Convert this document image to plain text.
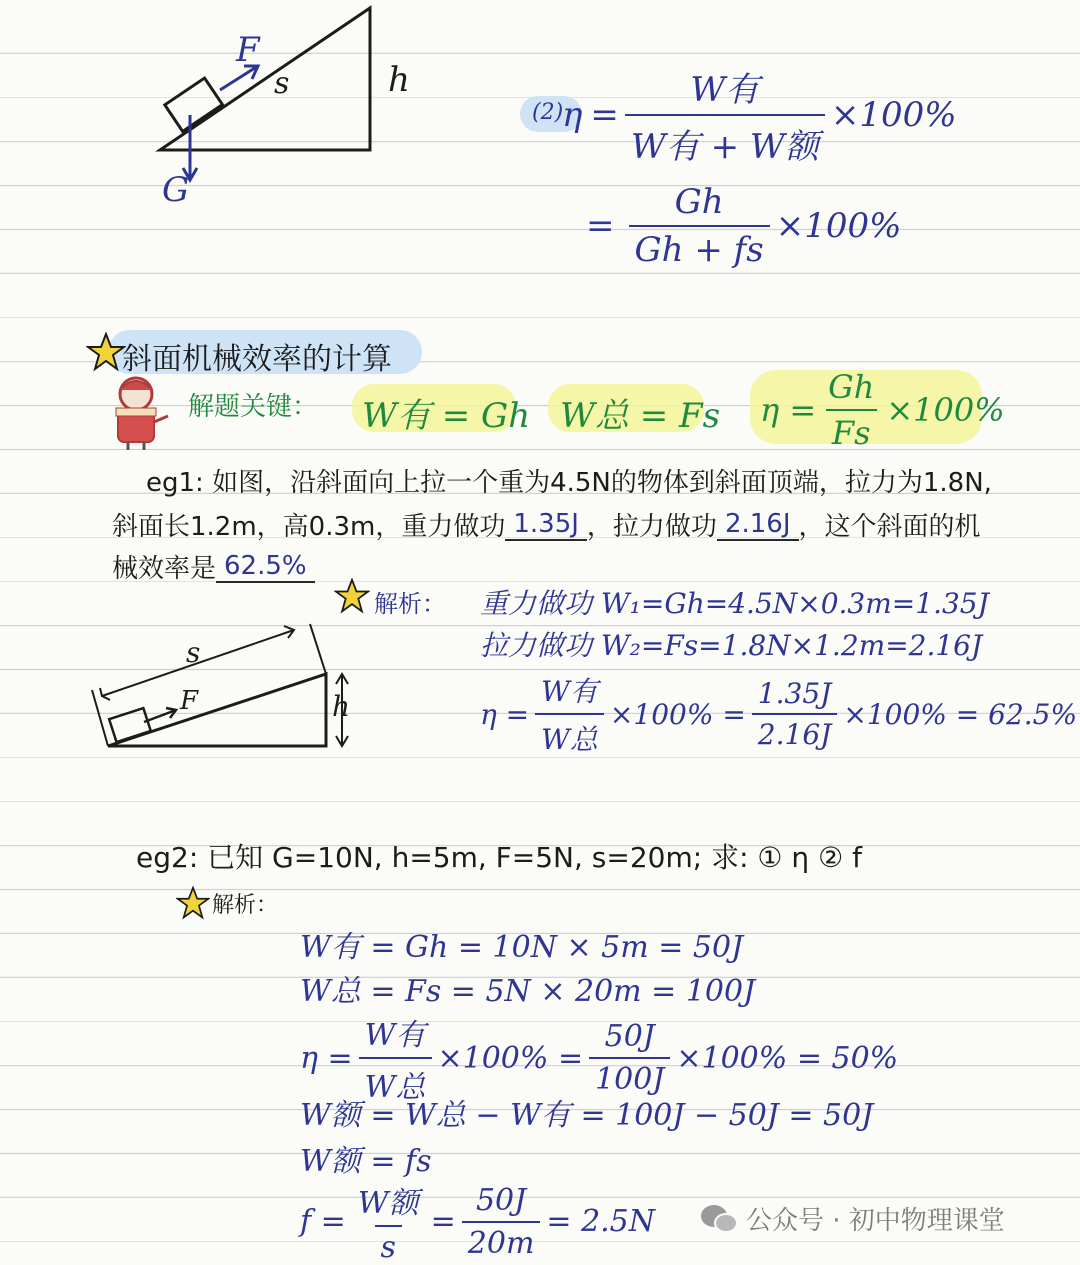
F
s	h
G
(2)
$\eta = \frac{\text{W有}}{\text{W有 + W额}} \times 100\%$
= $\frac{Gh}{Gh + fs} \times 100\%$
斜面机械效率的计算
解题关键： W有 = Gh W总 = Fs $\eta = \frac{Gh}{Fs} \times 100\%$
eg1: 如图，沿斜面向上拉一个重为4.5N的物体到斜面顶端，拉力为1.8N,
斜面长1.2m，高0.3m，重力做功 1.35J ，拉力做功 2.16J ，这个斜面的机
械效率是 62.5%
解析： 重力做功 W₁=Gh=4.5N×0.3m=1.35J
拉力做功 W₂=Fs=1.8N×1.2m=2.16J
$\eta = \frac{\text{W有}}{\text{W总}} \times 100\% = \frac{1.35J}{2.16J} \times 100\% = 62.5\%$
s
F	h
eg2: 已知 G=10N, h=5m, F=5N, s=20m; 求: ① η ② f
解析：
W有 = Gh = 10N × 5m = 50J
W总 = Fs = 5N × 20m = 100J
$\eta = \frac{\text{W有}}{\text{W总}} \times 100\% = \frac{50J}{100J} \times 100\% = 50\%$
W额 = W总 − W有 = 100J − 50J = 50J
W额 = fs
$f = \frac{\text{W额}}{s} = \frac{50J}{20m} = 2.5N$	公众号 · 初中物理课堂
